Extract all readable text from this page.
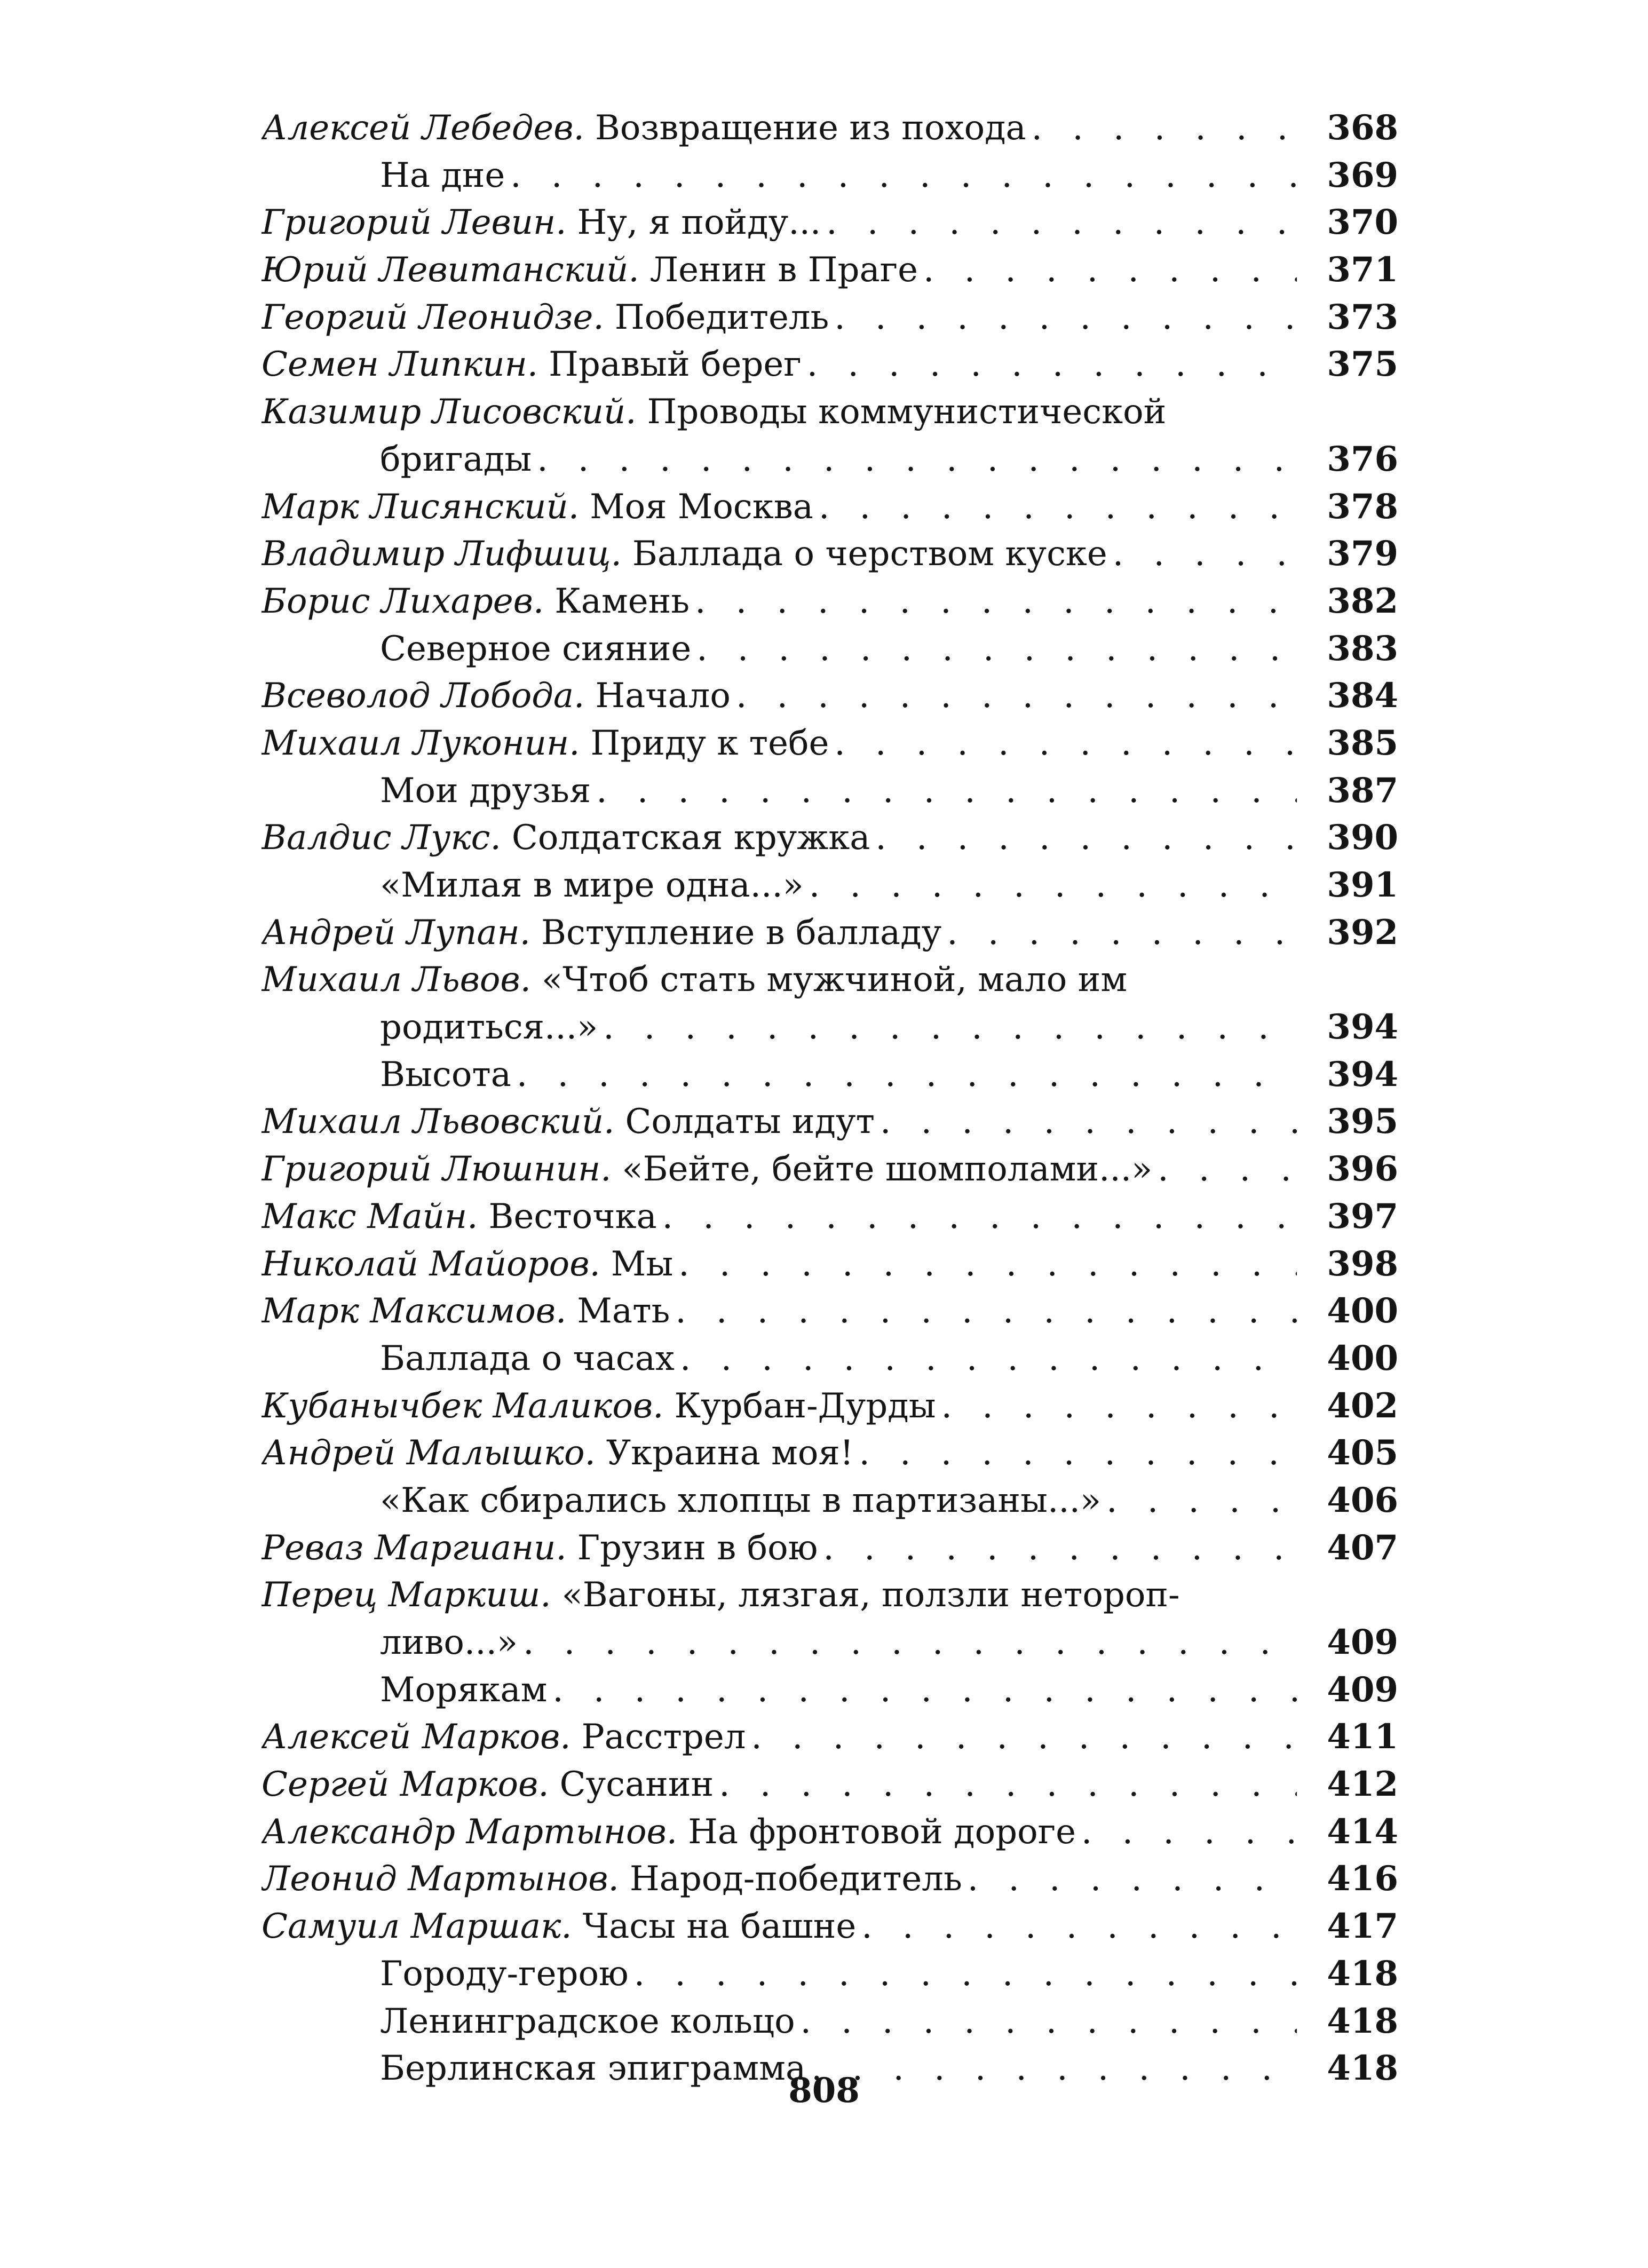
Алексей Лебедев. Возвращение из похода . . .	368
На дне . . .	369
Григорий Левин. Ну, я пойду... . . .	370
Юрий Левитанский. Ленин в Праге . . .	371
Георгий Леонидзе. Победитель . . .	373
Семен Липкин. Правый берег . . .	375
Казимир Лисовский. Проводы коммунистической
бригады . . .	376
Марк Лисянский. Моя Москва . . .	378
Владимир Лифшиц. Баллада о черством куске . . .	379
Борис Лихарев. Камень . . .	382
Северное сияние . . .	383
Всеволод Лобода. Начало . . .	384
Михаил Луконин. Приду к тебе . . .	385
Мои друзья . . .	387
Валдис Лукс. Солдатская кружка . . .	390
«Милая в мире одна...» . . .	391
Андрей Лупан. Вступление в балладу . . .	392
Михаил Львов. «Чтоб стать мужчиной, мало им
родиться...» . . .	394
Высота . . .	394
Михаил Львовский. Солдаты идут . . .	395
Григорий Люшнин. «Бейте, бейте шомполами...» . . .	396
Макс Майн. Весточка . . .	397
Николай Майоров. Мы . . .	398
Марк Максимов. Мать . . .	400
Баллада о часах . . .	400
Кубанычбек Маликов. Курбан-Дурды . . .	402
Андрей Малышко. Украина моя! . . .	405
«Как сбирались хлопцы в партизаны...» . . .	406
Реваз Маргиани. Грузин в бою . . .	407
Перец Маркиш. «Вагоны, лязгая, ползли нетороп-
ливо...» . . .	409
Морякам . . .	409
Алексей Марков. Расстрел . . .	411
Сергей Марков. Сусанин . . .	412
Александр Мартынов. На фронтовой дороге . . .	414
Леонид Мартынов. Народ-победитель . . .	416
Самуил Маршак. Часы на башне . . .	417
Городу-герою . . .	418
Ленинградское кольцо . . .	418
Берлинская эпиграмма . . .	418
808
